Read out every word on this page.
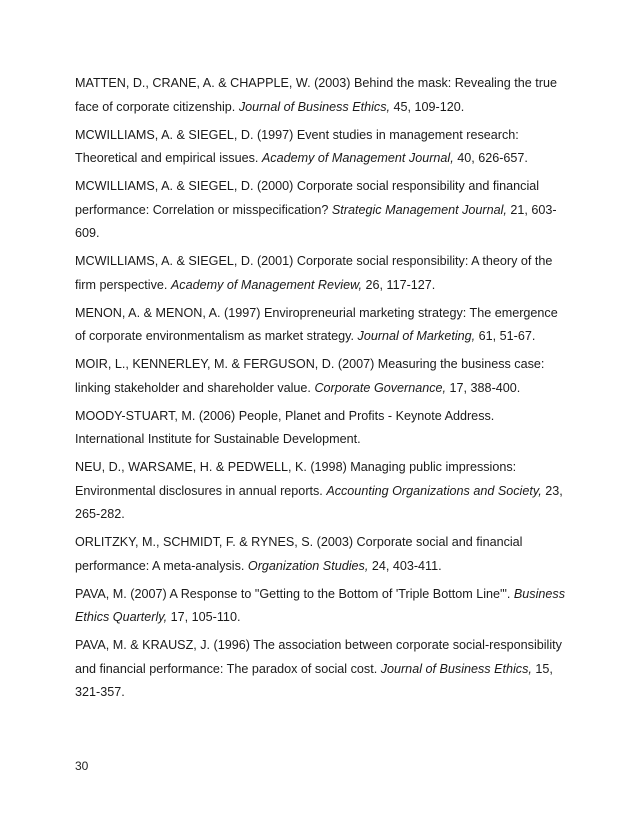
MATTEN, D., CRANE, A. & CHAPPLE, W. (2003) Behind the mask: Revealing the true face of corporate citizenship. Journal of Business Ethics, 45, 109-120.
MCWILLIAMS, A. & SIEGEL, D. (1997) Event studies in management research: Theoretical and empirical issues. Academy of Management Journal, 40, 626-657.
MCWILLIAMS, A. & SIEGEL, D. (2000) Corporate social responsibility and financial performance: Correlation or misspecification? Strategic Management Journal, 21, 603-609.
MCWILLIAMS, A. & SIEGEL, D. (2001) Corporate social responsibility: A theory of the firm perspective. Academy of Management Review, 26, 117-127.
MENON, A. & MENON, A. (1997) Enviropreneurial marketing strategy: The emergence of corporate environmentalism as market strategy. Journal of Marketing, 61, 51-67.
MOIR, L., KENNERLEY, M. & FERGUSON, D. (2007) Measuring the business case: linking stakeholder and shareholder value. Corporate Governance, 17, 388-400.
MOODY-STUART, M. (2006) People, Planet and Profits - Keynote Address. International Institute for Sustainable Development.
NEU, D., WARSAME, H. & PEDWELL, K. (1998) Managing public impressions: Environmental disclosures in annual reports. Accounting Organizations and Society, 23, 265-282.
ORLITZKY, M., SCHMIDT, F. & RYNES, S. (2003) Corporate social and financial performance: A meta-analysis. Organization Studies, 24, 403-411.
PAVA, M. (2007) A Response to "Getting to the Bottom of 'Triple Bottom Line'". Business Ethics Quarterly, 17, 105-110.
PAVA, M. & KRAUSZ, J. (1996) The association between corporate social-responsibility and financial performance: The paradox of social cost. Journal of Business Ethics, 15, 321-357.
30
